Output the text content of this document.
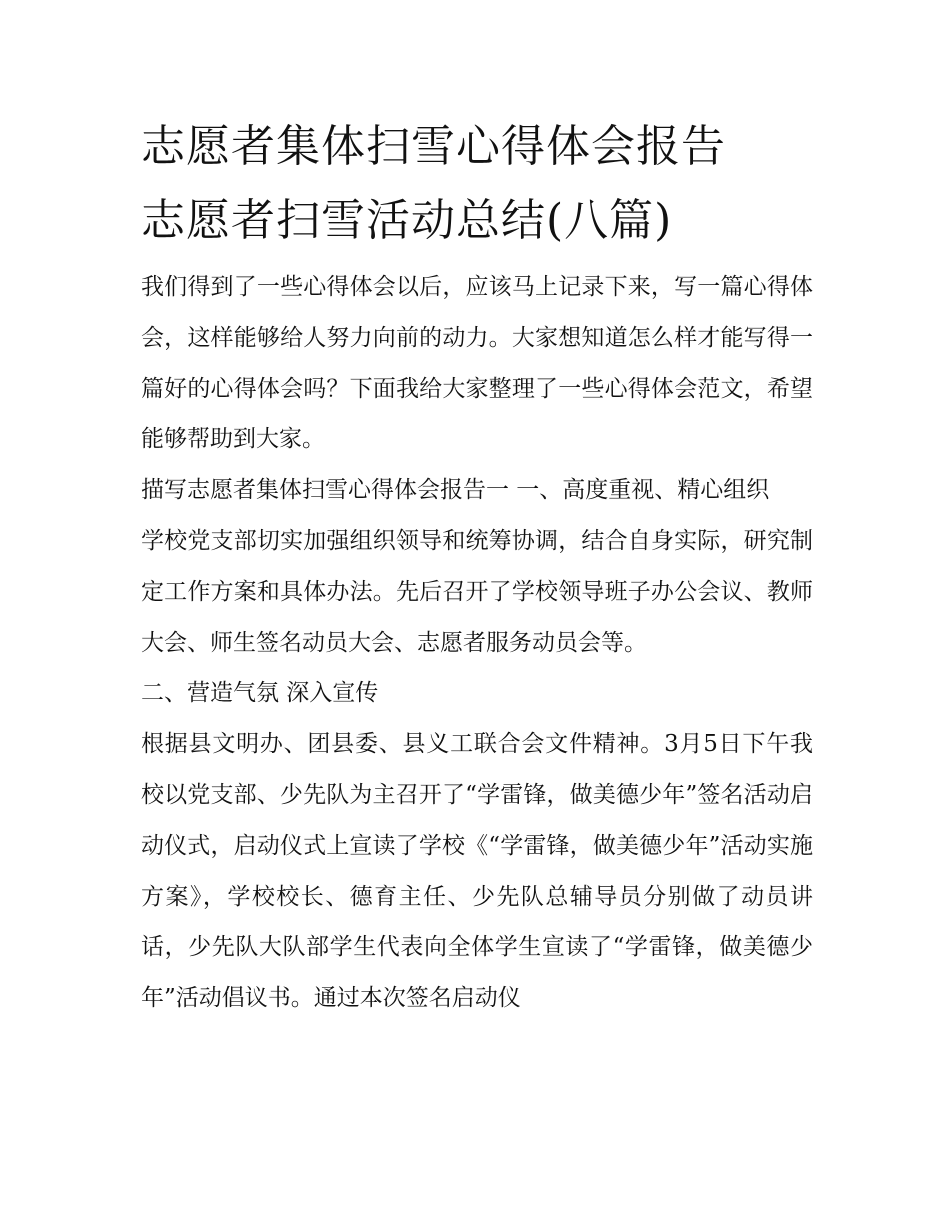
志愿者集体扫雪心得体会报告
志愿者扫雪活动总结(八篇)

我们得到了一些心得体会以后，应该马上记录下来，写一篇心得体会，这样能够给人努力向前的动力。大家想知道怎么样才能写得一篇好的心得体会吗？下面我给大家整理了一些心得体会范文，希望能够帮助到大家。

描写志愿者集体扫雪心得体会报告一 一、高度重视、精心组织

学校党支部切实加强组织领导和统筹协调，结合自身实际，研究制定工作方案和具体办法。先后召开了学校领导班子办公会议、教师大会、师生签名动员大会、志愿者服务动员会等。

二、营造气氛 深入宣传

根据县文明办、团县委、县义工联合会文件精神。3月5日下午我校以党支部、少先队为主召开了“学雷锋，做美德少年”签名活动启动仪式，启动仪式上宣读了学校《“学雷锋，做美德少年”活动实施方案》，学校校长、德育主任、少先队总辅导员分别做了动员讲话，少先队大队部学生代表向全体学生宣读了“学雷锋，做美德少年”活动倡议书。通过本次签名启动仪
